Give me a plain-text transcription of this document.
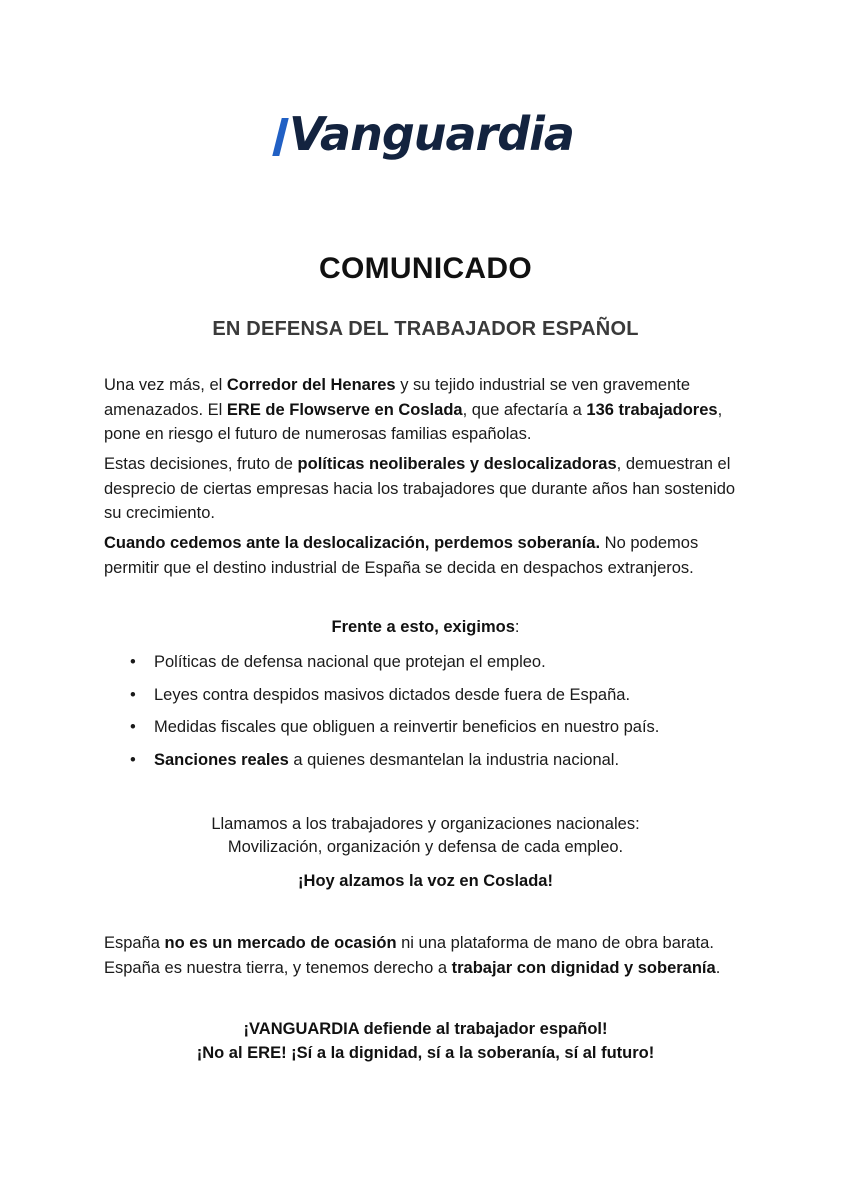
Vanguardia
COMUNICADO
EN DEFENSA DEL TRABAJADOR ESPAÑOL

Una vez más, el Corredor del Henares y su tejido industrial se ven gravemente amenazados. El ERE de Flowserve en Coslada, que afectaría a 136 trabajadores, pone en riesgo el futuro de numerosas familias españolas.

Estas decisiones, fruto de políticas neoliberales y deslocalizadoras, demuestran el desprecio de ciertas empresas hacia los trabajadores que durante años han sostenido su crecimiento.

Cuando cedemos ante la deslocalización, perdemos soberanía. No podemos permitir que el destino industrial de España se decida en despachos extranjeros.

Frente a esto, exigimos:
• Políticas de defensa nacional que protejan el empleo.
• Leyes contra despidos masivos dictados desde fuera de España.
• Medidas fiscales que obliguen a reinvertir beneficios en nuestro país.
• Sanciones reales a quienes desmantelan la industria nacional.
Llamamos a los trabajadores y organizaciones nacionales:
Movilización, organización y defensa de cada empleo.
¡Hoy alzamos la voz en Coslada!

España no es un mercado de ocasión ni una plataforma de mano de obra barata.

España es nuestra tierra, y tenemos derecho a trabajar con dignidad y soberanía.

¡VANGUARDIA defiende al trabajador español!
¡No al ERE! ¡Sí a la dignidad, sí a la soberanía, sí al futuro!
